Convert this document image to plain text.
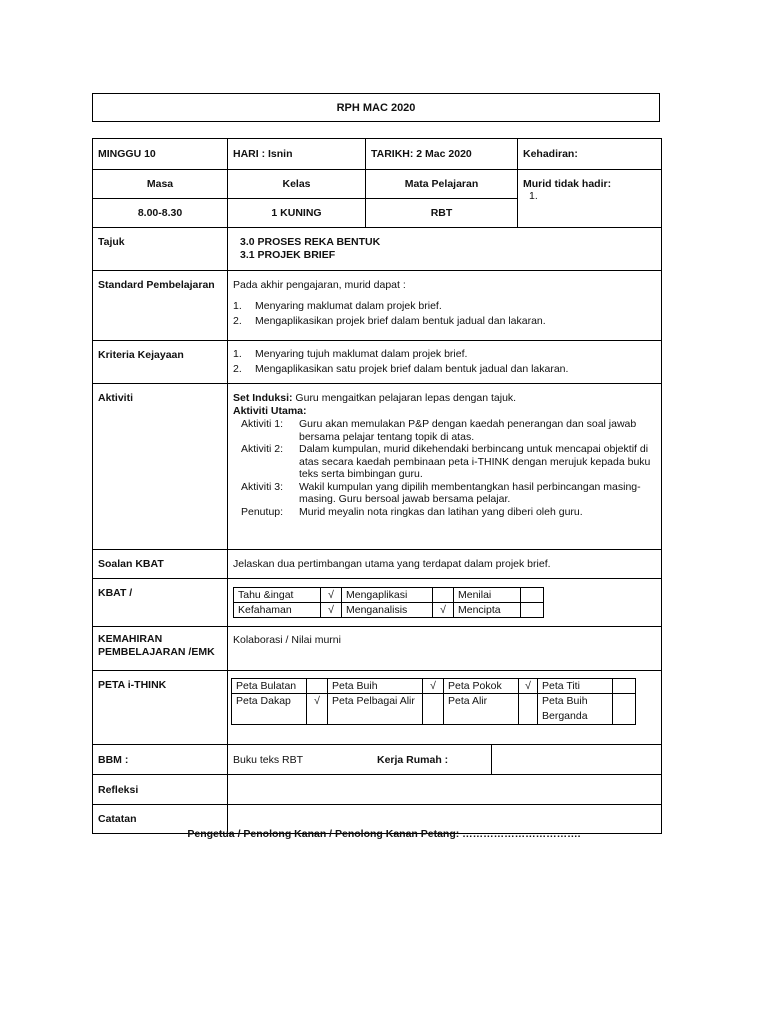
RPH MAC 2020
MINGGU 10	HARI : Isnin	TARIKH: 2 Mac 2020	Kehadiran:
Masa	Kelas	Mata Pelajaran	Murid tidak hadir:
1.

8.00-8.30	1 KUNING	RBT
Tajuk	3.0 PROSES REKA BENTUK
3.1 PROJEK BRIEF

Standard Pembelajaran	Pada akhir pengajaran, murid dapat :
1.	Menyaring maklumat dalam projek brief.
2.	Mengaplikasikan projek brief dalam bentuk jadual dan lakaran.

Kriteria Kejayaan	1.	Menyaring tujuh maklumat dalam projek brief.
2.	Mengaplikasikan satu projek brief dalam bentuk jadual dan lakaran.

Aktiviti	Set Induksi: Guru mengaitkan pelajaran lepas dengan tajuk.
Aktiviti Utama:
Aktiviti 1:	Guru akan memulakan P&P dengan kaedah penerangan dan soal jawab bersama pelajar tentang topik di atas.
Aktiviti 2:	Dalam kumpulan, murid dikehendaki berbincang untuk mencapai objektif di atas secara kaedah pembinaan peta i-THINK dengan merujuk kepada buku teks serta bimbingan guru.
Aktiviti 3:	Wakil kumpulan yang dipilih membentangkan hasil perbincangan masing-masing. Guru bersoal jawab bersama pelajar.
Penutup:	Murid meyalin nota ringkas dan latihan yang diberi oleh guru.

Soalan KBAT	Jelaskan dua pertimbangan utama yang terdapat dalam projek brief.
KBAT /		Tahu &ingat	√	Mengaplikasi		Menilai	
Kefahaman	√	Menganalisis	√	Mencipta	

KEMAHIRAN
PEMBELAJARAN /EMK
	Kolaborasi / Nilai murni
PETA i-THINK		Peta Bulatan		Peta Buih	√	Peta Pokok	√	Peta Titi	
Peta Dakap	√	Peta Pelbagai Alir		Peta Alir		Peta Buih Berganda	

BBM :	Buku teks RBT	Kerja Rumah :

Refleksi	
Catatan	
Pengetua / Penolong Kanan / Penolong Kanan Petang: …………………………….
